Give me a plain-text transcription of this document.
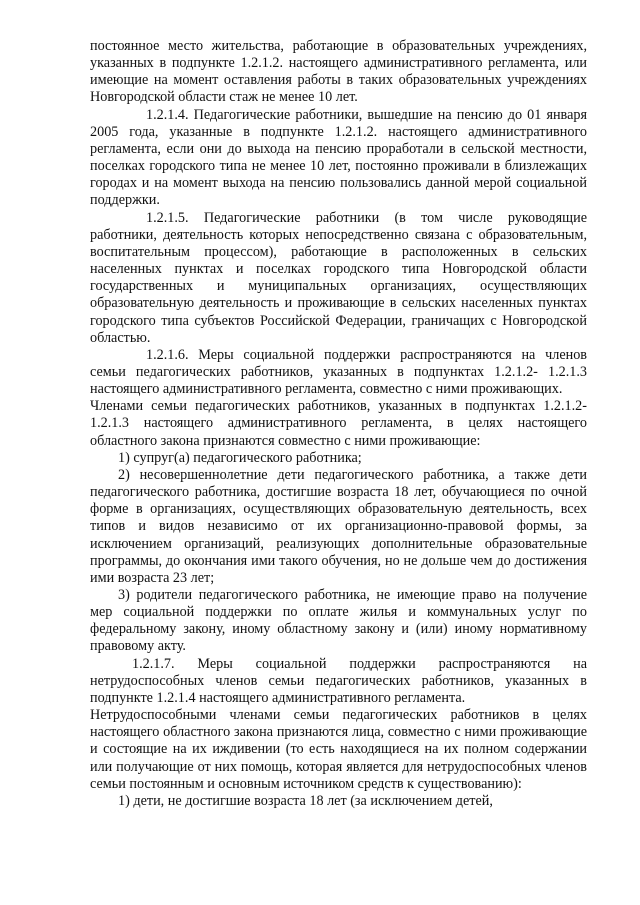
постоянное место жительства, работающие в образовательных учреждениях, указанных в подпункте 1.2.1.2. настоящего административного регламента, или имеющие на момент оставления работы в таких образовательных учреждениях Новгородской области стаж не менее 10 лет.

1.2.1.4. Педагогические работники, вышедшие на пенсию до 01 января 2005 года, указанные в подпункте 1.2.1.2. настоящего административного регламента, если они до выхода на пенсию проработали в сельской местности, поселках городского типа не менее 10 лет, постоянно проживали в близлежащих городах и на момент выхода на пенсию пользовались данной мерой социальной поддержки.

1.2.1.5. Педагогические работники (в том числе руководящие работники, деятельность которых непосредственно связана с образовательным, воспитательным процессом), работающие в расположенных в сельских населенных пунктах и поселках городского типа Новгородской области государственных и муниципальных организациях, осуществляющих образовательную деятельность и проживающие в сельских населенных пунктах городского типа субъектов Российской Федерации, граничащих с Новгородской областью.

1.2.1.6. Меры социальной поддержки распространяются на членов семьи педагогических работников, указанных в подпунктах 1.2.1.2- 1.2.1.3 настоящего административного регламента, совместно с ними проживающих.

Членами семьи педагогических работников, указанных в подпунктах 1.2.1.2- 1.2.1.3 настоящего административного регламента, в целях настоящего областного закона признаются совместно с ними проживающие:

1) супруг(а) педагогического работника;

2) несовершеннолетние дети педагогического работника, а также дети педагогического работника, достигшие возраста 18 лет, обучающиеся по очной форме в организациях, осуществляющих образовательную деятельность, всех типов и видов независимо от их организационно-правовой формы, за исключением организаций, реализующих дополнительные образовательные программы, до окончания ими такого обучения, но не дольше чем до достижения ими возраста 23 лет;

3) родители педагогического работника, не имеющие право на получение мер социальной поддержки по оплате жилья и коммунальных услуг по федеральному закону, иному областному закону и (или) иному нормативному правовому акту.

1.2.1.7. Меры социальной поддержки распространяются на нетрудоспособных членов семьи педагогических работников, указанных в подпункте 1.2.1.4 настоящего административного регламента.

Нетрудоспособными членами семьи педагогических работников в целях настоящего областного закона признаются лица, совместно с ними проживающие и состоящие на их иждивении (то есть находящиеся на их полном содержании или получающие от них помощь, которая является для нетрудоспособных членов семьи постоянным и основным источником средств к существованию):

1) дети, не достигшие возраста 18 лет (за исключением детей,
